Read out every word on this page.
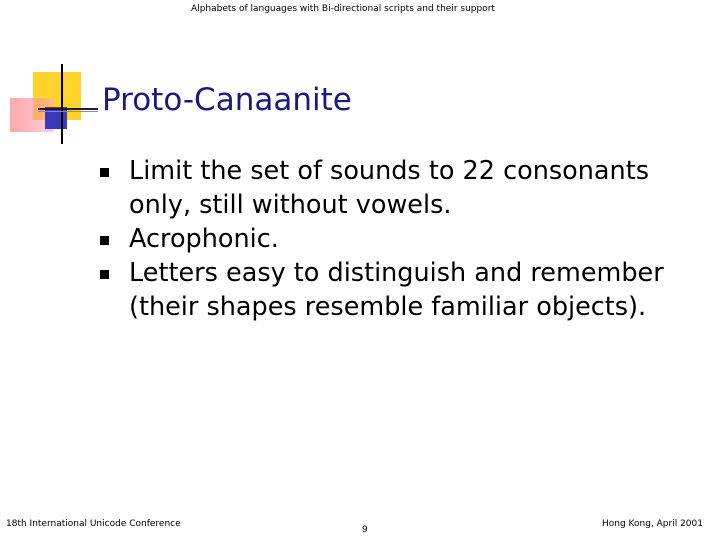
Alphabets of languages with Bi-directional scripts and their support
Proto-Canaanite
Limit the set of sounds to 22 consonants only, still without vowels.
Acrophonic.
Letters easy to distinguish and remember (their shapes resemble familiar objects).
18th International Unicode Conference
9
Hong Kong, April 2001
